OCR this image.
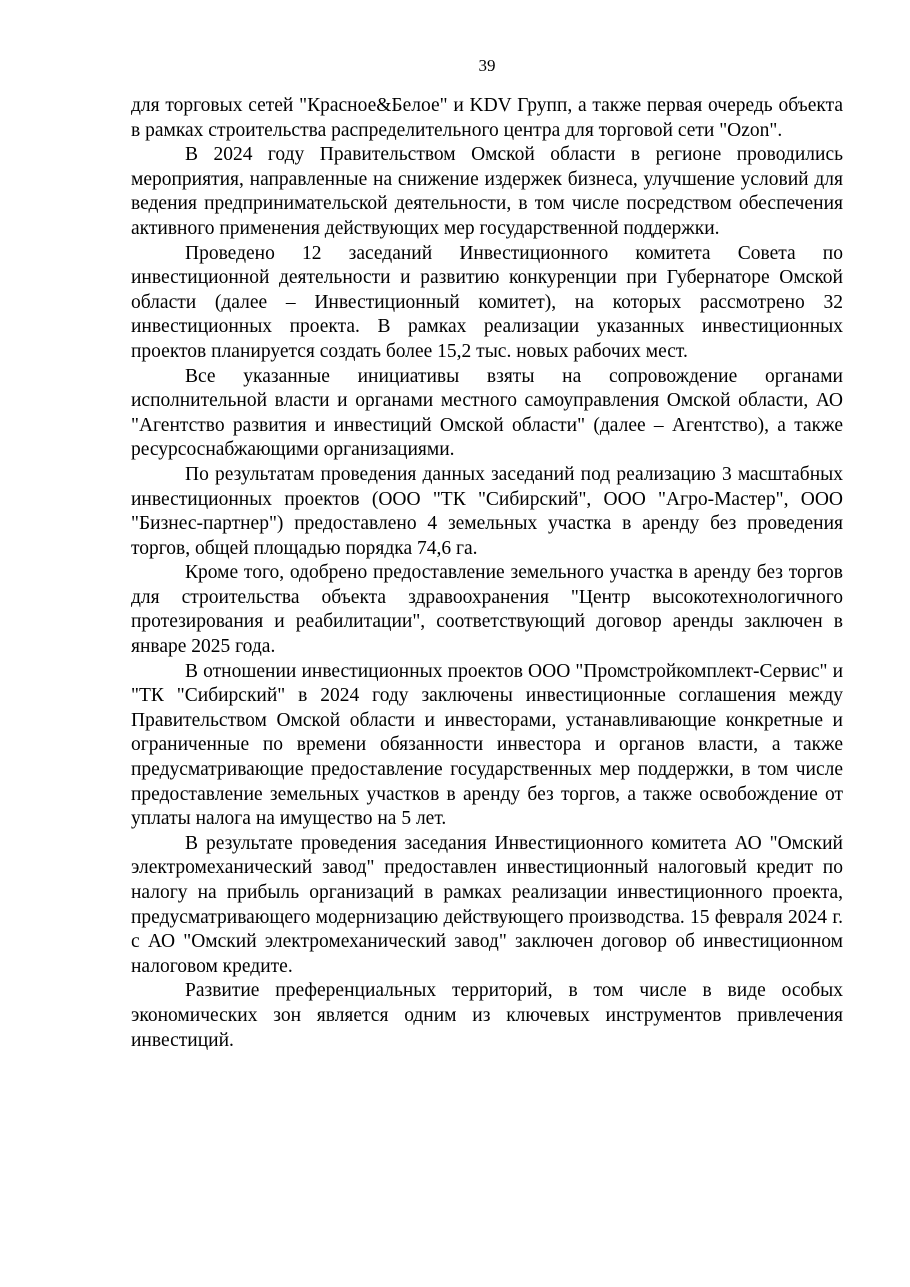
39

для торговых сетей "Красное&Белое" и KDV Групп, а также первая очередь объекта в рамках строительства распределительного центра для торговой сети "Ozon".

В 2024 году Правительством Омской области в регионе проводились мероприятия, направленные на снижение издержек бизнеса, улучшение условий для ведения предпринимательской деятельности, в том числе посредством обеспечения активного применения действующих мер государственной поддержки.

Проведено 12 заседаний Инвестиционного комитета Совета по инвестиционной деятельности и развитию конкуренции при Губернаторе Омской области (далее – Инвестиционный комитет), на которых рассмотрено 32 инвестиционных проекта. В рамках реализации указанных инвестиционных проектов планируется создать более 15,2 тыс. новых рабочих мест.

Все указанные инициативы взяты на сопровождение органами исполнительной власти и органами местного самоуправления Омской области, АО "Агентство развития и инвестиций Омской области" (далее – Агентство), а также ресурсоснабжающими организациями.

По результатам проведения данных заседаний под реализацию 3 масштабных инвестиционных проектов (ООО "ТК "Сибирский", ООО "Агро-Мастер", ООО "Бизнес-партнер") предоставлено 4 земельных участка в аренду без проведения торгов, общей площадью порядка 74,6 га.

Кроме того, одобрено предоставление земельного участка в аренду без торгов для строительства объекта здравоохранения "Центр высокотехнологичного протезирования и реабилитации", соответствующий договор аренды заключен в январе 2025 года.

В отношении инвестиционных проектов ООО "Промстройкомплект-Сервис" и "ТК "Сибирский" в 2024 году заключены инвестиционные соглашения между Правительством Омской области и инвесторами, устанавливающие конкретные и ограниченные по времени обязанности инвестора и органов власти, а также предусматривающие предоставление государственных мер поддержки, в том числе предоставление земельных участков в аренду без торгов, а также освобождение от уплаты налога на имущество на 5 лет.

В результате проведения заседания Инвестиционного комитета АО "Омский электромеханический завод" предоставлен инвестиционный налоговый кредит по налогу на прибыль организаций в рамках реализации инвестиционного проекта, предусматривающего модернизацию действующего производства. 15 февраля 2024 г. с АО "Омский электромеханический завод" заключен договор об инвестиционном налоговом кредите.

Развитие преференциальных территорий, в том числе в виде особых экономических зон является одним из ключевых инструментов привлечения инвестиций.
